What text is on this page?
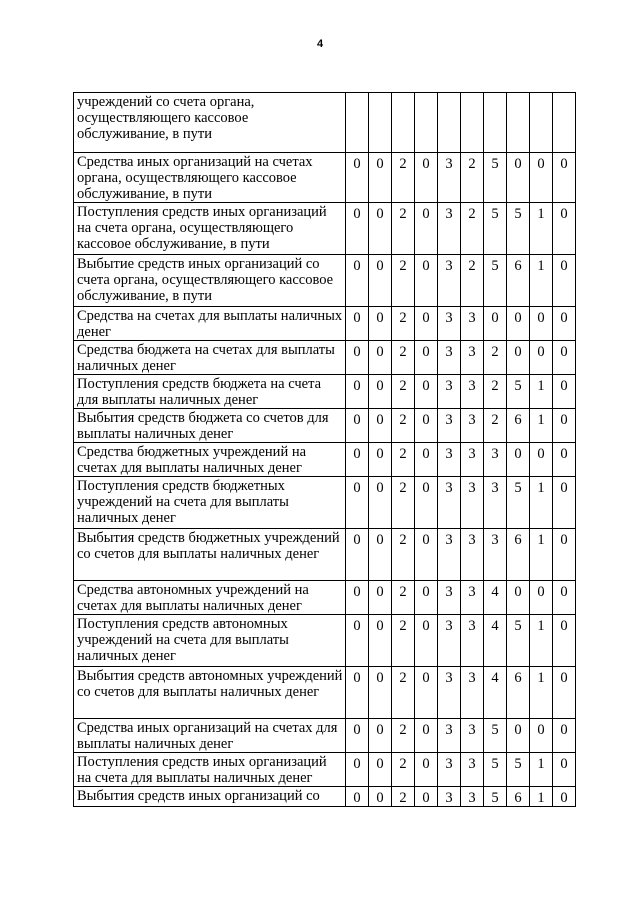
4
учреждений со счета органа, осуществляющего кассовое обслуживание, в пути										
Средства иных организаций на счетах органа, осуществляющего кассовое обслуживание, в пути	0	0	2	0	3	2	5	0	0	0
Поступления средств иных организаций на счета органа, осуществляющего кассовое обслуживание, в пути	0	0	2	0	3	2	5	5	1	0
Выбытие средств иных организаций со счета органа, осуществляющего кассовое обслуживание, в пути	0	0	2	0	3	2	5	6	1	0
Средства на счетах для выплаты наличных денег	0	0	2	0	3	3	0	0	0	0
Средства бюджета на счетах для выплаты наличных денег	0	0	2	0	3	3	2	0	0	0
Поступления средств бюджета на счета для выплаты наличных денег	0	0	2	0	3	3	2	5	1	0
Выбытия средств бюджета со счетов для выплаты наличных денег	0	0	2	0	3	3	2	6	1	0
Средства бюджетных учреждений на счетах для выплаты наличных денег	0	0	2	0	3	3	3	0	0	0
Поступления средств бюджетных учреждений на счета для выплаты наличных денег	0	0	2	0	3	3	3	5	1	0
Выбытия средств бюджетных учреждений со счетов для выплаты наличных денег	0	0	2	0	3	3	3	6	1	0
Средства автономных учреждений на счетах для выплаты наличных денег	0	0	2	0	3	3	4	0	0	0
Поступления средств автономных учреждений на счета для выплаты наличных денег	0	0	2	0	3	3	4	5	1	0
Выбытия средств автономных учреждений со счетов для выплаты наличных денег	0	0	2	0	3	3	4	6	1	0
Средства иных организаций на счетах для выплаты наличных денег	0	0	2	0	3	3	5	0	0	0
Поступления средств иных организаций на счета для выплаты наличных денег	0	0	2	0	3	3	5	5	1	0
Выбытия средств иных организаций со	0	0	2	0	3	3	5	6	1	0
